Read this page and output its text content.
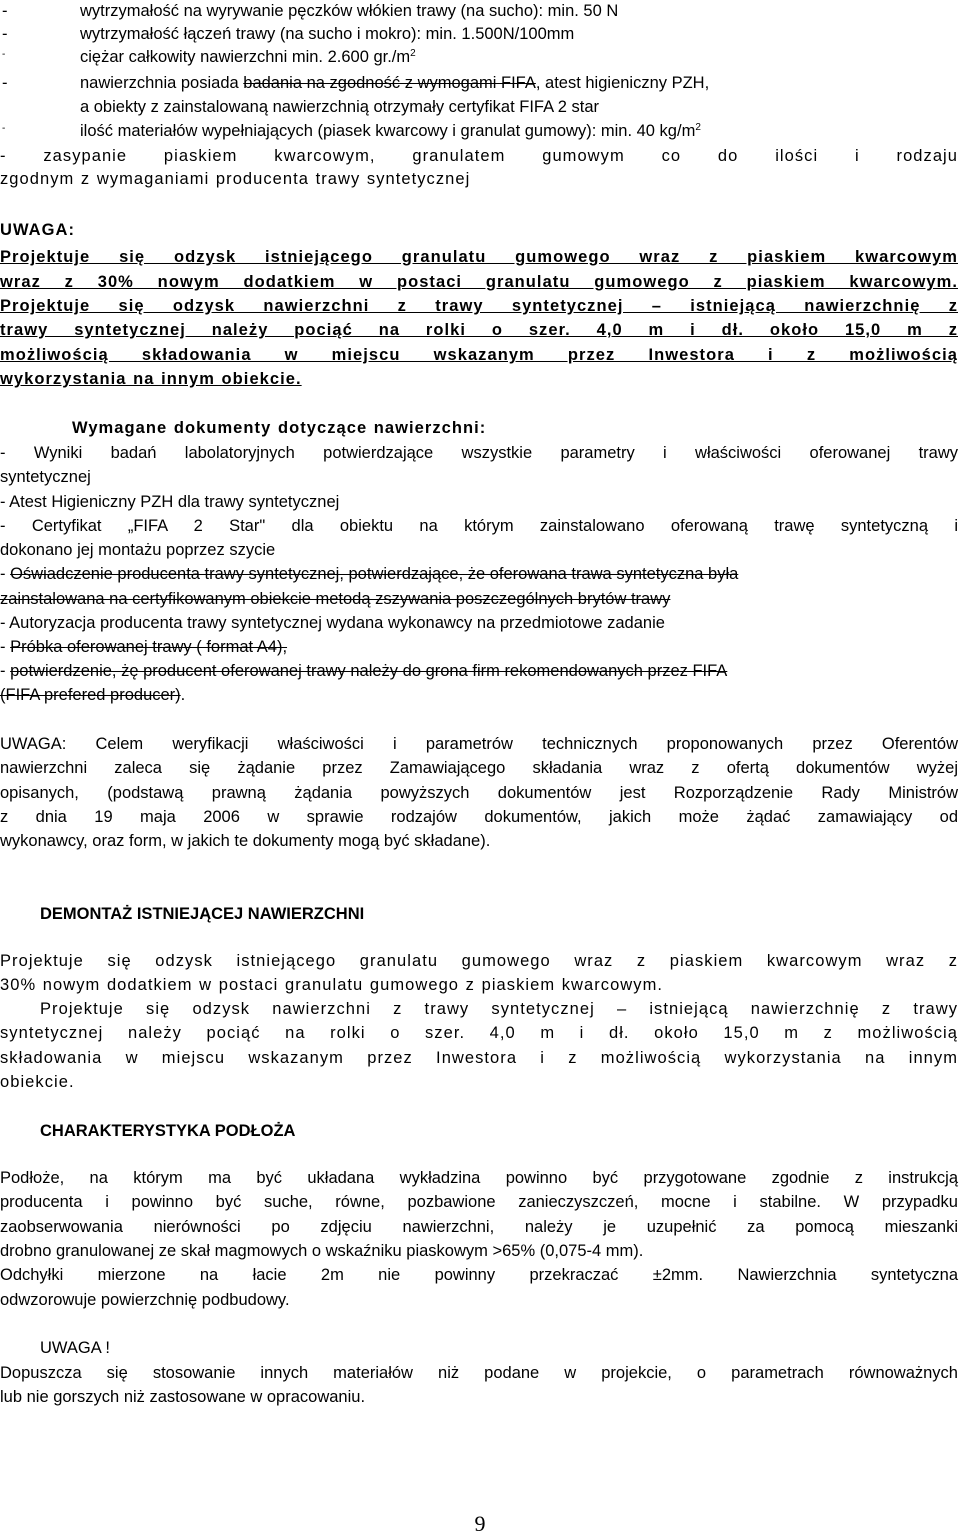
-	wytrzymałość na wyrywanie pęczków włókien trawy (na sucho): min. 50 N
-	wytrzymałość łączeń trawy (na sucho i mokro): min. 1.500N/100mm
-	ciężar całkowity nawierzchni min. 2.600 $gr./m^2$
-	nawierzchnia posiada badania na zgodność z wymogami FIFA, atest higieniczny PZH,
a obiekty z zainstalowaną nawierzchnią otrzymały certyfikat FIFA 2 star
-	ilość materiałów wypełniających (piasek kwarcowy i granulat gumowy): min. 40 $kg/m^2$
- zasypanie piaskiem kwarcowym, granulatem gumowym co do ilości i rodzaju
zgodnym z wymaganiami producenta trawy syntetycznej
UWAGA:
Projektuje się odzysk istniejącego granulatu gumowego wraz z piaskiem kwarcowym
wraz z 30% nowym dodatkiem w postaci granulatu gumowego z piaskiem kwarcowym.
Projektuje się odzysk nawierzchni z trawy syntetycznej – istniejącą nawierzchnię z
trawy syntetycznej należy pociąć na rolki o szer. 4,0 m i dł. około 15,0 m z
możliwością składowania w miejscu wskazanym przez Inwestora i z możliwością
wykorzystania na innym obiekcie.
Wymagane dokumenty dotyczące nawierzchni:
- Wyniki badań labolatoryjnych potwierdzające wszystkie parametry i właściwości oferowanej trawy
syntetycznej
- Atest Higieniczny PZH dla trawy syntetycznej
- Certyfikat „FIFA 2 Star" dla obiektu na którym zainstalowano oferowaną trawę syntetyczną i
dokonano jej montażu poprzez szycie
- Oświadczenie producenta trawy syntetycznej, potwierdzające, że oferowana trawa syntetyczna była
zainstalowana na certyfikowanym obiekcie metodą zszywania poszczególnych brytów trawy
- Autoryzacja producenta trawy syntetycznej wydana wykonawcy na przedmiotowe zadanie
- Próbka oferowanej trawy ( format A4),
- potwierdzenie, żę producent oferowanej trawy należy do grona firm rekomendowanych przez FIFA
(FIFA prefered producer).
UWAGA: Celem weryfikacji właściwości i parametrów technicznych proponowanych przez Oferentów
nawierzchni zaleca się żądanie przez Zamawiającego składania wraz z ofertą dokumentów wyżej
opisanych, (podstawą prawną żądania powyższych dokumentów jest Rozporządzenie Rady Ministrów
z dnia 19 maja 2006 w sprawie rodzajów dokumentów, jakich może żądać zamawiający od
wykonawcy, oraz form, w jakich te dokumenty mogą być składane).
DEMONTAŻ ISTNIEJĄCEJ NAWIERZCHNI
Projektuje się odzysk istniejącego granulatu gumowego wraz z piaskiem kwarcowym wraz z
30% nowym dodatkiem w postaci granulatu gumowego z piaskiem kwarcowym.
Projektuje się odzysk nawierzchni z trawy syntetycznej – istniejącą nawierzchnię z trawy
syntetycznej należy pociąć na rolki o szer. 4,0 m i dł. około 15,0 m z możliwością
składowania w miejscu wskazanym przez Inwestora i z możliwością wykorzystania na innym
obiekcie.
CHARAKTERYSTYKA PODŁOŻA
Podłoże, na którym ma być układana wykładzina powinno być przygotowane zgodnie z instrukcją
producenta i powinno być suche, równe, pozbawione zanieczyszczeń, mocne i stabilne. W przypadku
zaobserwowania nierówności po zdjęciu nawierzchni, należy je uzupełnić za pomocą mieszanki
drobno granulowanej ze skał magmowych o wskaźniku piaskowym >65% (0,075-4 mm).
Odchyłki mierzone na łacie 2m nie powinny przekraczać ±2mm. Nawierzchnia syntetyczna
odwzorowuje powierzchnię podbudowy.
UWAGA !
Dopuszcza się stosowanie innych materiałów niż podane w projekcie, o parametrach równoważnych
lub nie gorszych niż zastosowane w opracowaniu.
9
